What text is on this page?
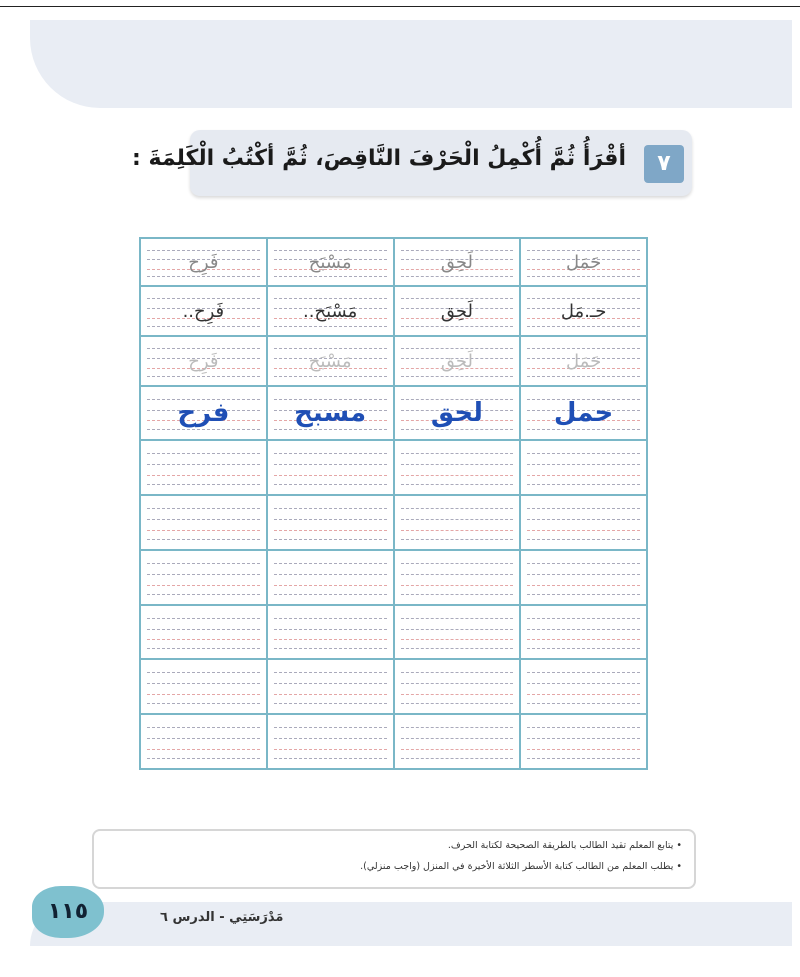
٧
أقْرَأُ ثُمَّ أُكْمِلُ الْحَرْفَ النَّاقِصَ، ثُمَّ أكْتُبُ الْكَلِمَةَ :
فَرِح	مَسْبَح	لَحِق	حَمَل

فَرِح..	مَسْبَح..	لَحِق	حـ.مَل

فَرِح	مَسْبَح	لَحِق	حَمَل

فرح	مسبح	لحق	حمل

• يتابع المعلم تقيد الطالب بالطريقة الصحيحة لكتابة الحرف.
• يطلب المعلم من الطالب كتابة الأسطر الثلاثة الأخيرة في المنزل (واجب منزلي).
١١٥	مَدْرَسَتِي - الدرس ٦
